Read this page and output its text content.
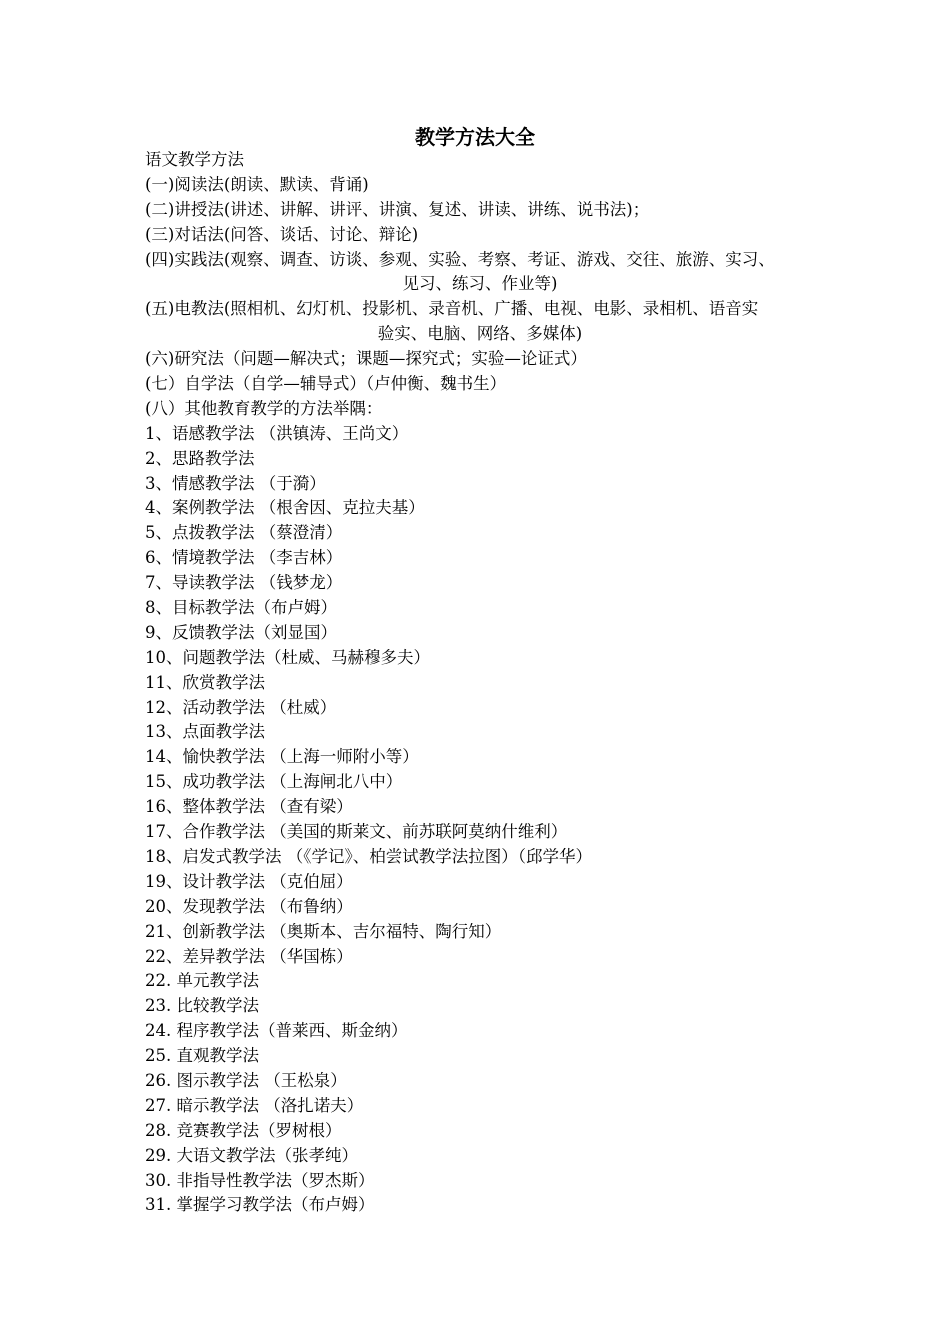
教学方法大全
语文教学方法
(一)阅读法(朗读、默读、背诵)
(二)讲授法(讲述、讲解、讲评、讲演、复述、讲读、讲练、说书法)；
(三)对话法(问答、谈话、讨论、辩论)
(四)实践法(观察、调查、访谈、参观、实验、考察、考证、游戏、交往、旅游、实习、
见习、练习、作业等)
(五)电教法(照相机、幻灯机、投影机、录音机、广播、电视、电影、录相机、语音实
验实、电脑、网络、多媒体)
(六)研究法（问题—解决式；课题—探究式；实验—论证式）
(七）自学法（自学—辅导式）（卢仲衡、魏书生）
(八）其他教育教学的方法举隅：
1、语感教学法 （洪镇涛、王尚文）
2、思路教学法
3、情感教学法 （于漪）
4、案例教学法 （根舍因、克拉夫基）
5、点拨教学法 （蔡澄清）
6、情境教学法 （李吉林）
7、导读教学法 （钱梦龙）
8、目标教学法（布卢姆）
9、反馈教学法（刘显国）
10、问题教学法（杜威、马赫穆多夫）
11、欣赏教学法
12、活动教学法 （杜威）
13、点面教学法
14、愉快教学法 （上海一师附小等）
15、成功教学法 （上海闸北八中）
16、整体教学法 （查有梁）
17、合作教学法 （美国的斯莱文、前苏联阿莫纳什维利）
18、启发式教学法 （《学记》、柏尝试教学法拉图）（邱学华）
19、设计教学法 （克伯屈）
20、发现教学法 （布鲁纳）
21、创新教学法 （奥斯本、吉尔福特、陶行知）
22、差异教学法 （华国栋）
22. 单元教学法
23. 比较教学法
24. 程序教学法（普莱西、斯金纳）
25. 直观教学法
26. 图示教学法 （王松泉）
27. 暗示教学法 （洛扎诺夫）
28. 竞赛教学法（罗树根）
29. 大语文教学法（张孝纯）
30. 非指导性教学法（罗杰斯）
31. 掌握学习教学法（布卢姆）
